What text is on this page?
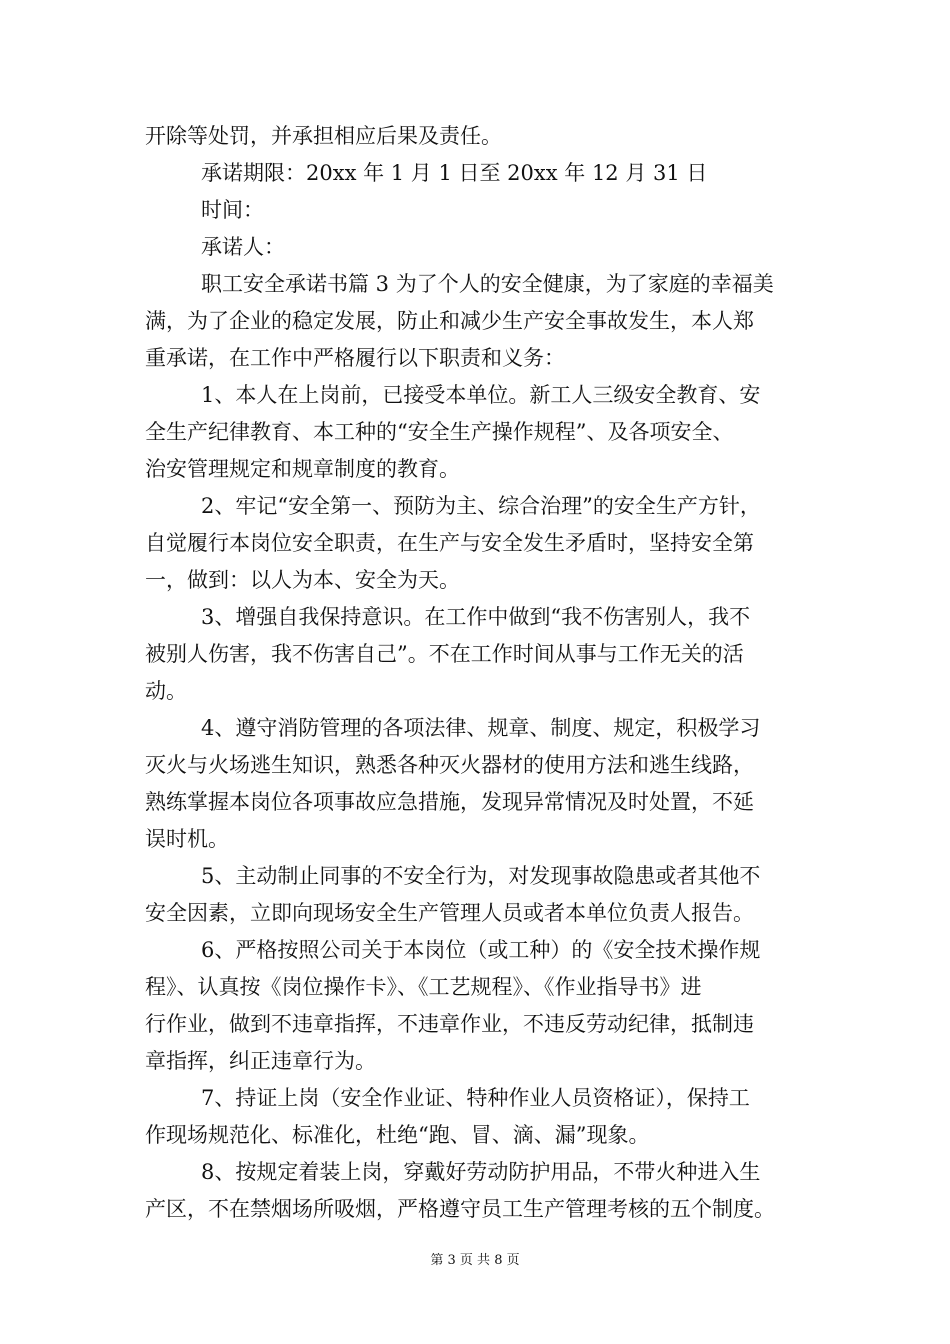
开除等处罚，并承担相应后果及责任。
承诺期限：20xx 年 1 月 1 日至 20xx 年 12 月 31 日
时间：
承诺人：
职工安全承诺书篇 3 为了个人的安全健康，为了家庭的幸福美
满，为了企业的稳定发展，防止和减少生产安全事故发生，本人郑
重承诺，在工作中严格履行以下职责和义务：
1、本人在上岗前，已接受本单位。新工人三级安全教育、安
全生产纪律教育、本工种的“安全生产操作规程”、及各项安全、
治安管理规定和规章制度的教育。
2、牢记“安全第一、预防为主、综合治理”的安全生产方针，
自觉履行本岗位安全职责，在生产与安全发生矛盾时，坚持安全第
一，做到：以人为本、安全为天。
3、增强自我保持意识。在工作中做到“我不伤害别人，我不
被别人伤害，我不伤害自己”。不在工作时间从事与工作无关的活
动。
4、遵守消防管理的各项法律、规章、制度、规定，积极学习
灭火与火场逃生知识，熟悉各种灭火器材的使用方法和逃生线路，
熟练掌握本岗位各项事故应急措施，发现异常情况及时处置，不延
误时机。
5、主动制止同事的不安全行为，对发现事故隐患或者其他不
安全因素，立即向现场安全生产管理人员或者本单位负责人报告。
6、严格按照公司关于本岗位（或工种）的《安全技术操作规
程》、认真按《岗位操作卡》、《工艺规程》、《作业指导书》进
行作业，做到不违章指挥，不违章作业，不违反劳动纪律，抵制违
章指挥，纠正违章行为。
7、持证上岗（安全作业证、特种作业人员资格证），保持工
作现场规范化、标准化，杜绝“跑、冒、滴、漏”现象。
8、按规定着装上岗，穿戴好劳动防护用品，不带火种进入生
产区，不在禁烟场所吸烟，严格遵守员工生产管理考核的五个制度。
第 3 页 共 8 页
